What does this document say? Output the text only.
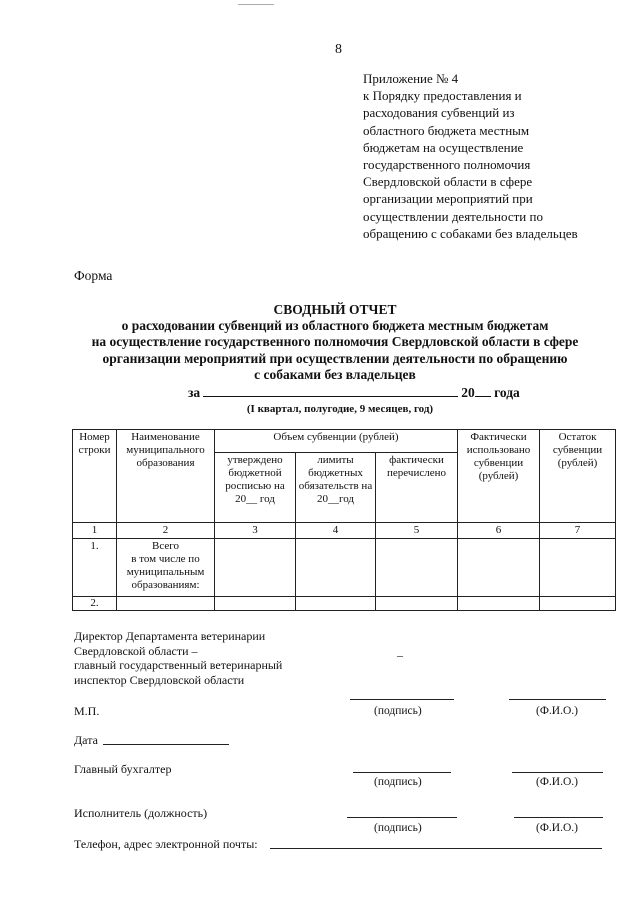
8
Приложение № 4
к Порядку предоставления и
расходования субвенций из
областного бюджета местным
бюджетам на осуществление
государственного полномочия
Свердловской области в сфере
организации мероприятий при
осуществлении деятельности по
обращению с собаками без владельцев
Форма
СВОДНЫЙ ОТЧЕТ
о расходовании субвенций из областного бюджета местным бюджетам
на осуществление государственного полномочия Свердловской области в сфере
организации мероприятий при осуществлении деятельности по обращению
с собаками без владельцев
за	20 года
(I квартал, полугодие, 9 месяцев, год)
Номер строки	Наименование муниципального образования	Объем субвенции (рублей)			Фактически использовано субвенции (рублей)	Остаток субвенции (рублей)
		утверждено бюджетной росписью на 20__ год	лимиты бюджетных обязательств на 20__год	фактически перечислено		
1	2	3	4	5	6	7
1.	Всего
в том числе по
муниципальным
образованиям:					

2.						
Директор Департамента ветеринарии
Свердловской области –
главный государственный ветеринарный
инспектор Свердловской области
–
М.П.	(подпись)	(Ф.И.О.)
Дата
Главный бухгалтер
(подпись)	(Ф.И.О.)
Исполнитель (должность)
(подпись)	(Ф.И.О.)
Телефон, адрес электронной почты:
